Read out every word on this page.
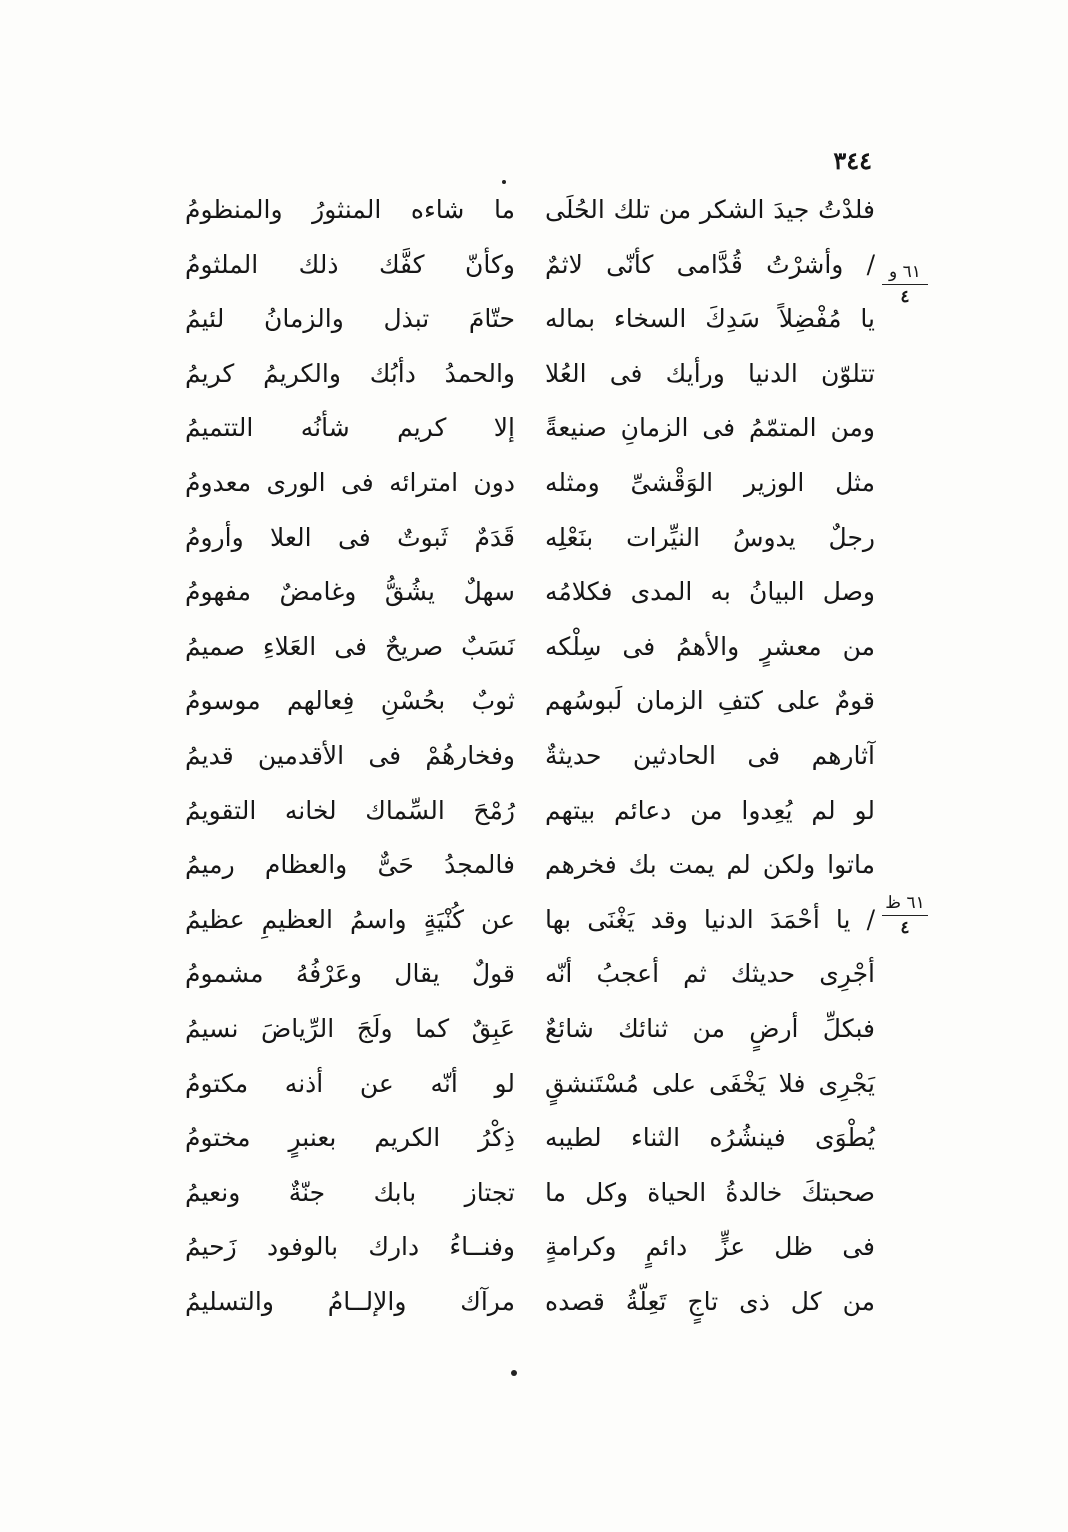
٣٤٤
٦١ و
٤
٦١ ظ
٤
فلدْتُ جيدَ الشكر من تلك الحُلَى
ما شاءه المنثورُ والمنظومُ
/ وأشرْتُ قُدَّامى كأنّى لاثمٌ
وكأنّ كفَّك ذلك الملثومُ
يا مُفْضِلاً سَدِكَ السخاء بماله
حتّامَ تبذل والزمانُ لئيمُ
تتلوّن الدنيا ورأيك فى العُلا
والحمدُ دأبُك والكريمُ كريمُ
ومن المتمّمُ فى الزمانِ صنيعةً
إلا كريم شأنُه التتميمُ
مثل الوزير الوَقْشىِّ ومثله
دون امترائه فى الورى معدومُ
رجلٌ يدوسُ النيِّرات بنَعْلِه
قَدَمٌ ثَبوتٌ فى العلا وأرومُ
وصل البيانُ به المدى فكلامُه
سهلٌ يشُقُّ وغامضٌ مفهومُ
من معشرٍ والأهمُ فى سِلْكه
نَسَبٌ صريحٌ فى العَلاءِ صميمُ
قومٌ على كتفِ الزمان لَبوسُهم
ثوبٌ بحُسْنِ فِعالهم موسومُ
آثارهم فى الحادثين حديثةٌ
وفخارهُمْ فى الأقدمين قديمُ
لو لم يُعِدوا من دعائم بيتهم
رُمْحَ السِّماك لخانه التقويمُ
ماتوا ولكن لم يمت بك فخرهم
فالمجدُ حَىٌّ والعظام رميمُ
/ يا أحْمَدَ الدنيا وقد يَغْنَى بها
عن كُنْيَةٍ واسمُ العظيمِ عظيمُ
أجْرِى حديثك ثم أعجبُ أنّه
قولٌ يقال وعَرْفُهُ مشمومُ
فبكلِّ أرضٍ من ثنائك شائعٌ
عَبِقٌ كما ولَجَ الرِّياضَ نسيمُ
يَجْرِى فلا يَخْفَى على مُسْتَنشقٍ
لو أنّه عن أذنه مكتومُ
يُطْوَى فينشُرُه الثناء لطيبه
ذِكْرُ الكريم بعنبرٍ مختومُ
صحبتكَ خالدةُ الحياة وكل ما
تجتاز بابك جنّةٌ ونعيمُ
فى ظل عزٍّ دائمٍ وكرامةٍ
وفنــاءُ دارك بالوفود زَحيمُ
من كل ذى تاجٍ تَعِلّةُ قصده
مرآك والإلــامُ والتسليمُ
